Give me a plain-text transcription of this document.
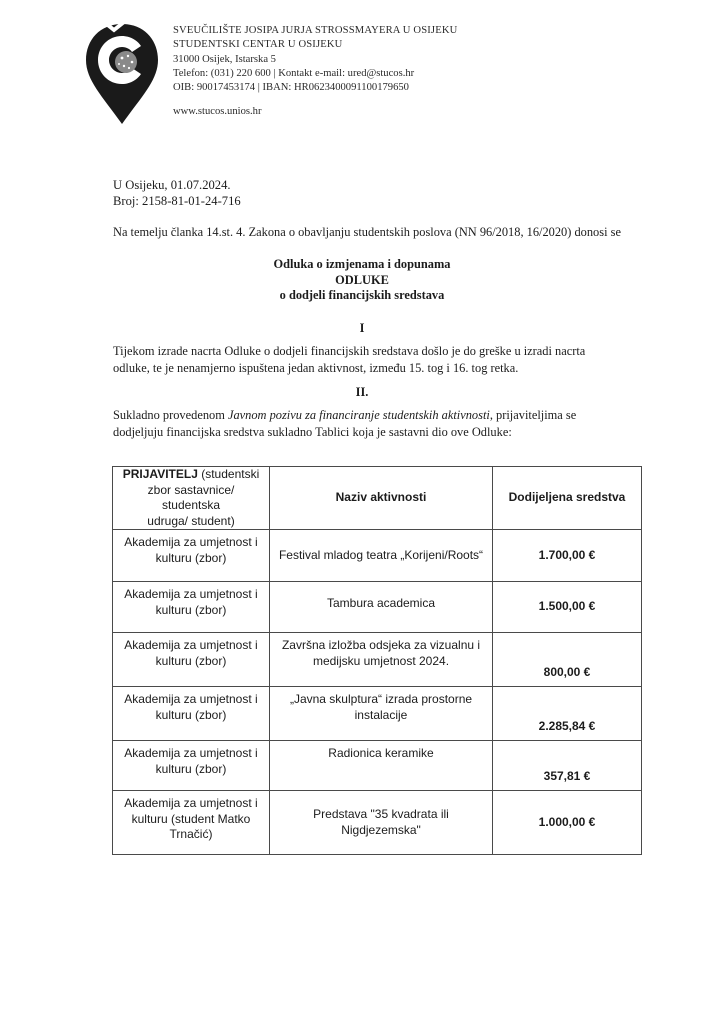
SVEUČILIŠTE JOSIPA JURJA STROSSMAYERA U OSIJEKU
STUDENTSKI CENTAR U OSIJEKU
31000 Osijek, Istarska 5
Telefon: (031) 220 600 | Kontakt e-mail: ured@stucos.hr
OIB: 90017453174 | IBAN: HR0623400091100179650
www.stucos.unios.hr
U Osijeku, 01.07.2024.
Broj: 2158-81-01-24-716
Na temelju članka 14.st. 4. Zakona o obavljanju studentskih poslova (NN 96/2018, 16/2020) donosi se
Odluka o izmjenama i dopunama
ODLUKE
o dodjeli financijskih sredstava
I
Tijekom izrade nacrta Odluke o dodjeli financijskih sredstava došlo je do greške u izradi nacrta
odluke, te je nenamjerno ispuštena jedan aktivnost, između 15. tog i 16. tog retka.
II.
Sukladno provedenom Javnom pozivu za financiranje studentskih aktivnosti, prijaviteljima se
dodjeljuju financijska sredstva sukladno Tablici koja je sastavni dio ove Odluke:
PRIJAVITELJ (studentski
zbor sastavnice/ studentska
udruga/ student)	Naziv aktivnosti	Dodijeljena sredstva
Akademija za umjetnost i
kulturu (zbor)	Festival mladog teatra „Korijeni/Roots“	1.700,00 €
Akademija za umjetnost i
kulturu (zbor)	Tambura academica	1.500,00 €
Akademija za umjetnost i
kulturu (zbor)	Završna izložba odsjeka za vizualnu i
medijsku umjetnost 2024.	800,00 €
Akademija za umjetnost i
kulturu (zbor)	„Javna skulptura“ izrada prostorne
instalacije	2.285,84 €
Akademija za umjetnost i
kulturu (zbor)	Radionica keramike	357,81 €
Akademija za umjetnost i
kulturu (student Matko
Trnačić)	Predstava "35 kvadrata ili
Nigdjezemska"	1.000,00 €
